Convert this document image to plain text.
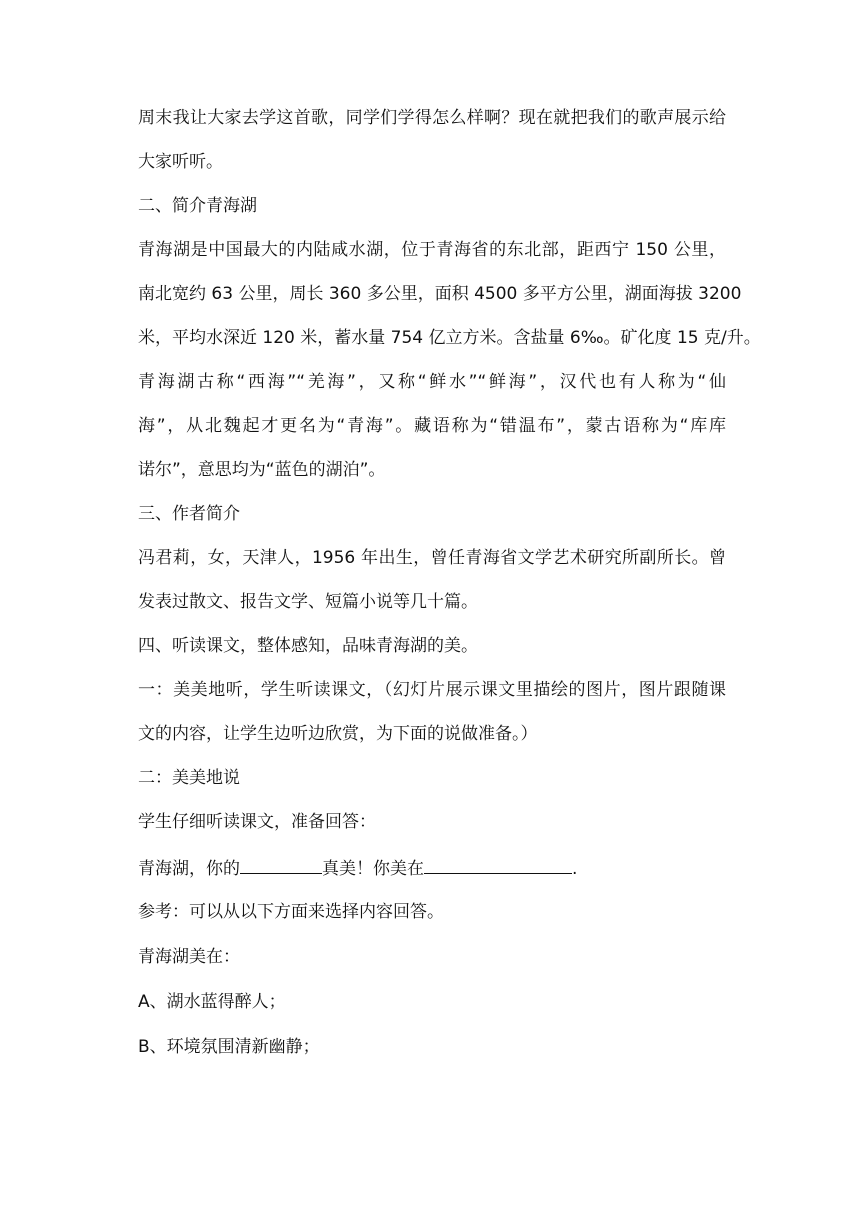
周末我让大家去学这首歌，同学们学得怎么样啊？现在就把我们的歌声展示给

大家听听。

二、简介青海湖

青海湖是中国最大的内陆咸水湖，位于青海省的东北部，距西宁 150 公里，

南北宽约 63 公里，周长 360 多公里，面积 4500 多平方公里，湖面海拔 3200

米，平均水深近 120 米，蓄水量 754 亿立方米。含盐量 6‰。矿化度 15 克/升。

青海湖古称“西海”“羌海”，又称“鲜水”“鲜海”，汉代也有人称为“仙

海”，从北魏起才更名为“青海”。藏语称为“错温布”，蒙古语称为“库库

诺尔”，意思均为“蓝色的湖泊”。

三、作者简介

冯君莉，女，天津人，1956 年出生，曾任青海省文学艺术研究所副所长。曾

发表过散文、报告文学、短篇小说等几十篇。

四、听读课文，整体感知，品味青海湖的美。

一：美美地听，学生听读课文，（幻灯片展示课文里描绘的图片，图片跟随课

文的内容，让学生边听边欣赏，为下面的说做准备。）

二：美美地说

学生仔细听读课文，准备回答：

青海湖，你的	真美！你美在	.

参考：可以从以下方面来选择内容回答。

青海湖美在：

A、湖水蓝得醉人；

B、环境氛围清新幽静；
